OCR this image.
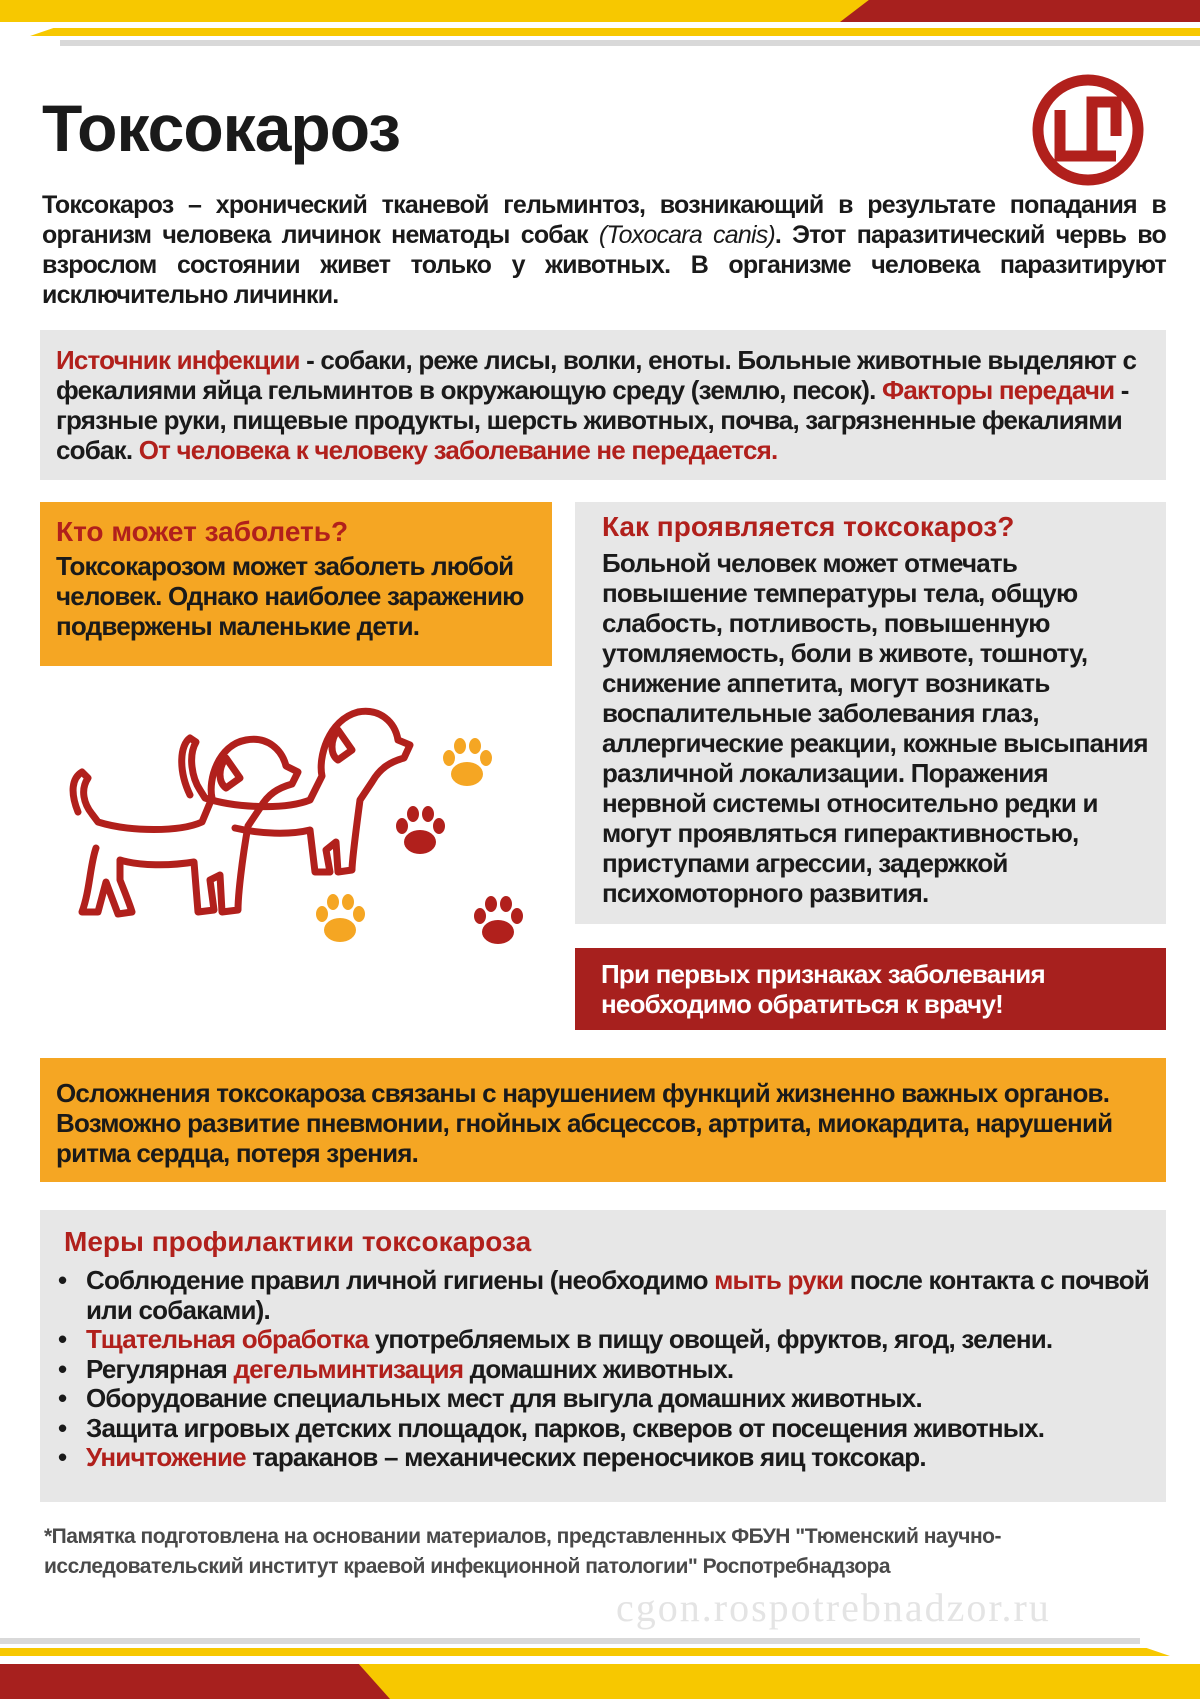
Токсокароз
Токсокароз – хронический тканевой гельминтоз, возникающий в результате попадания в организм человека личинок нематоды собак (Toxocara canis). Этот паразитический червь во взрослом состоянии живет только у животных. В организме человека паразитируют исключительно личинки.
Источник инфекции - собаки, реже лисы, волки, еноты. Больные животные выделяют с фекалиями яйца гельминтов в окружающую среду (землю, песок). Факторы передачи - грязные руки, пищевые продукты, шерсть животных, почва, загрязненные фекалиями собак. От человека к человеку заболевание не передается.
Кто может заболеть?
Токсокарозом может заболеть любой человек. Однако наиболее заражению подвержены маленькие дети.
Как проявляется токсокароз?
Больной человек может отмечать повышение температуры тела, общую слабость, потливость, повышенную утомляемость, боли в животе, тошноту, снижение аппетита, могут возникать воспалительные заболевания глаз, аллергические реакции, кожные высыпания различной локализации. Поражения нервной системы относительно редки и могут проявляться гиперактивностью, приступами агрессии, задержкой психомоторного развития.
При первых признаках заболевания необходимо обратиться к врачу!
Осложнения токсокароза связаны с нарушением функций жизненно важных органов. Возможно развитие пневмонии, гнойных абсцессов, артрита, миокардита, нарушений ритма сердца, потеря зрения.
Меры профилактики токсокароза
• Соблюдение правил личной гигиены (необходимо мыть руки после контакта с почвой или собаками).
• Тщательная обработка употребляемых в пищу овощей, фруктов, ягод, зелени.
• Регулярная дегельминтизация домашних животных.
• Оборудование специальных мест для выгула домашних животных.
• Защита игровых детских площадок, парков, скверов от посещения животных.
• Уничтожение тараканов – механических переносчиков яиц токсокар.
*Памятка подготовлена на основании материалов, представленных ФБУН "Тюменский научно-исследовательский институт краевой инфекционной патологии" Роспотребнадзора
cgon.rospotrebnadzor.ru
